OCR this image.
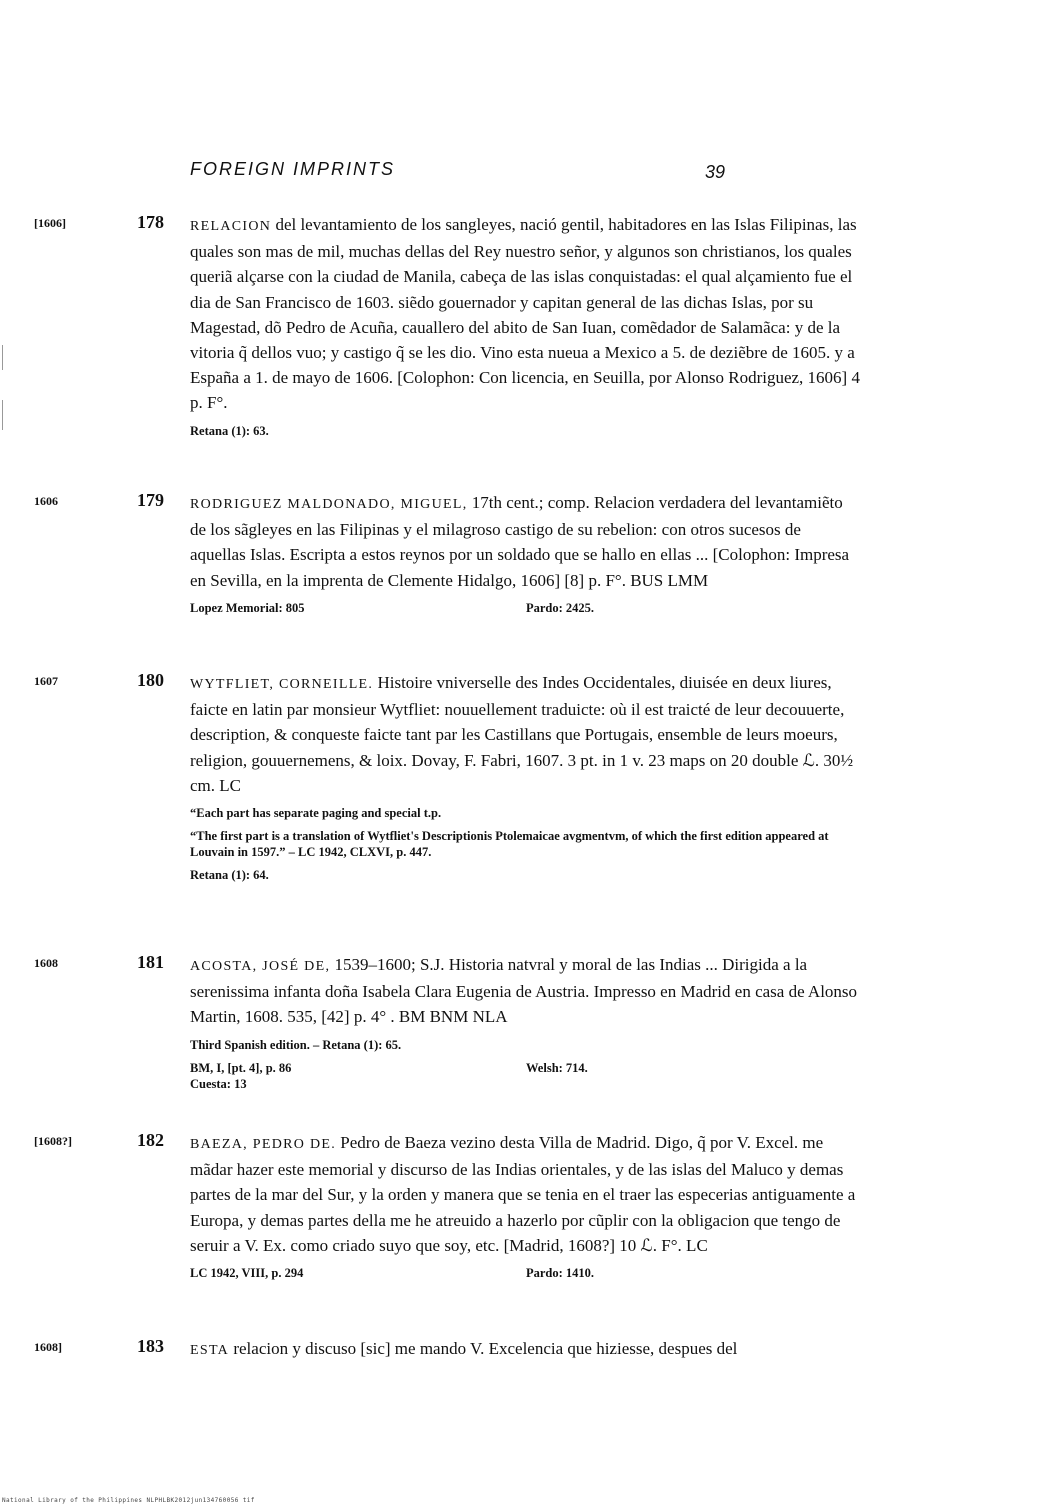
FOREIGN IMPRINTS	39
[1606]	178 RELACION del levantamiento de los sangleyes, nació gentil, habitadores en las Islas Filipinas, las quales son mas de mil, muchas dellas del Rey nuestro señor, y algunos son christianos, los quales queriã alçarse con la ciudad de Manila, cabeça de las islas conquistadas: el qual alçamiento fue el dia de San Francisco de 1603. siẽdo gouernador y capitan general de las dichas Islas, por su Magestad, dõ Pedro de Acuña, cauallero del abito de San Iuan, comẽdador de Salamãca: y de la vitoria q̃ dellos vuo; y castigo q̃ se les dio. Vino esta nueua a Mexico a 5. de deziẽbre de 1605. y a España a 1. de mayo de 1606. [Colophon: Con licencia, en Seuilla, por Alonso Rodriguez, 1606] 4 p. F°.

Retana (1): 63.

1606	179 RODRIGUEZ MALDONADO, MIGUEL, 17th cent.; comp. Relacion verdadera del levantamiẽto de los sãgleyes en las Filipinas y el milagroso castigo de su rebelion: con otros sucesos de aquellas Islas. Escripta a estos reynos por un soldado que se hallo en ellas ... [Colophon: Impresa en Sevilla, en la imprenta de Clemente Hidalgo, 1606] [8] p. F°. BUS LMM

Lopez Memorial: 805	Pardo: 2425.
1607	180 WYTFLIET, CORNEILLE. Histoire vniverselle des Indes Occidentales, diuisée en deux liures, faicte en latin par monsieur Wytfliet: nouuellement traduicte: où il est traicté de leur decouuerte, description, & conqueste faicte tant par les Castillans que Portugais, ensemble de leurs moeurs, religion, gouuernemens, & loix. Dovay, F. Fabri, 1607. 3 pt. in 1 v. 23 maps on 20 double ℒ. 30½ cm. LC

“Each part has separate paging and special t.p.

“The first part is a translation of Wytfliet's Descriptionis Ptolemaicae avgmentvm, of which the first edition appeared at Louvain in 1597.” – LC 1942, CLXVI, p. 447.

Retana (1): 64.

1608	181 ACOSTA, JOSÉ DE, 1539–1600; S.J. Historia natvral y moral de las Indias ... Dirigida a la serenissima infanta doña Isabela Clara Eugenia de Austria. Impresso en Madrid en casa de Alonso Martin, 1608. 535, [42] p. 4° . BM BNM NLA

Third Spanish edition. – Retana (1): 65.

BM, I, [pt. 4], p. 86	Welsh: 714.

Cuesta: 13

[1608?]	182 BAEZA, PEDRO DE. Pedro de Baeza vezino desta Villa de Madrid. Digo, q̃ por V. Excel. me mãdar hazer este memorial y discurso de las Indias orientales, y de las islas del Maluco y demas partes de la mar del Sur, y la orden y manera que se tenia en el traer las especerias antiguamente a Europa, y demas partes della me he atreuido a hazerlo por cũplir con la obligacion que tengo de seruir a V. Ex. como criado suyo que soy, etc. [Madrid, 1608?] 10 ℒ. F°. LC

LC 1942, VIII, p. 294	Pardo: 1410.
1608]	183 ESTA relacion y discuso [sic] me mando V. Excelencia que hiziesse, despues del

National Library of the Philippines NLPHLBK2012jun134760056 tif
